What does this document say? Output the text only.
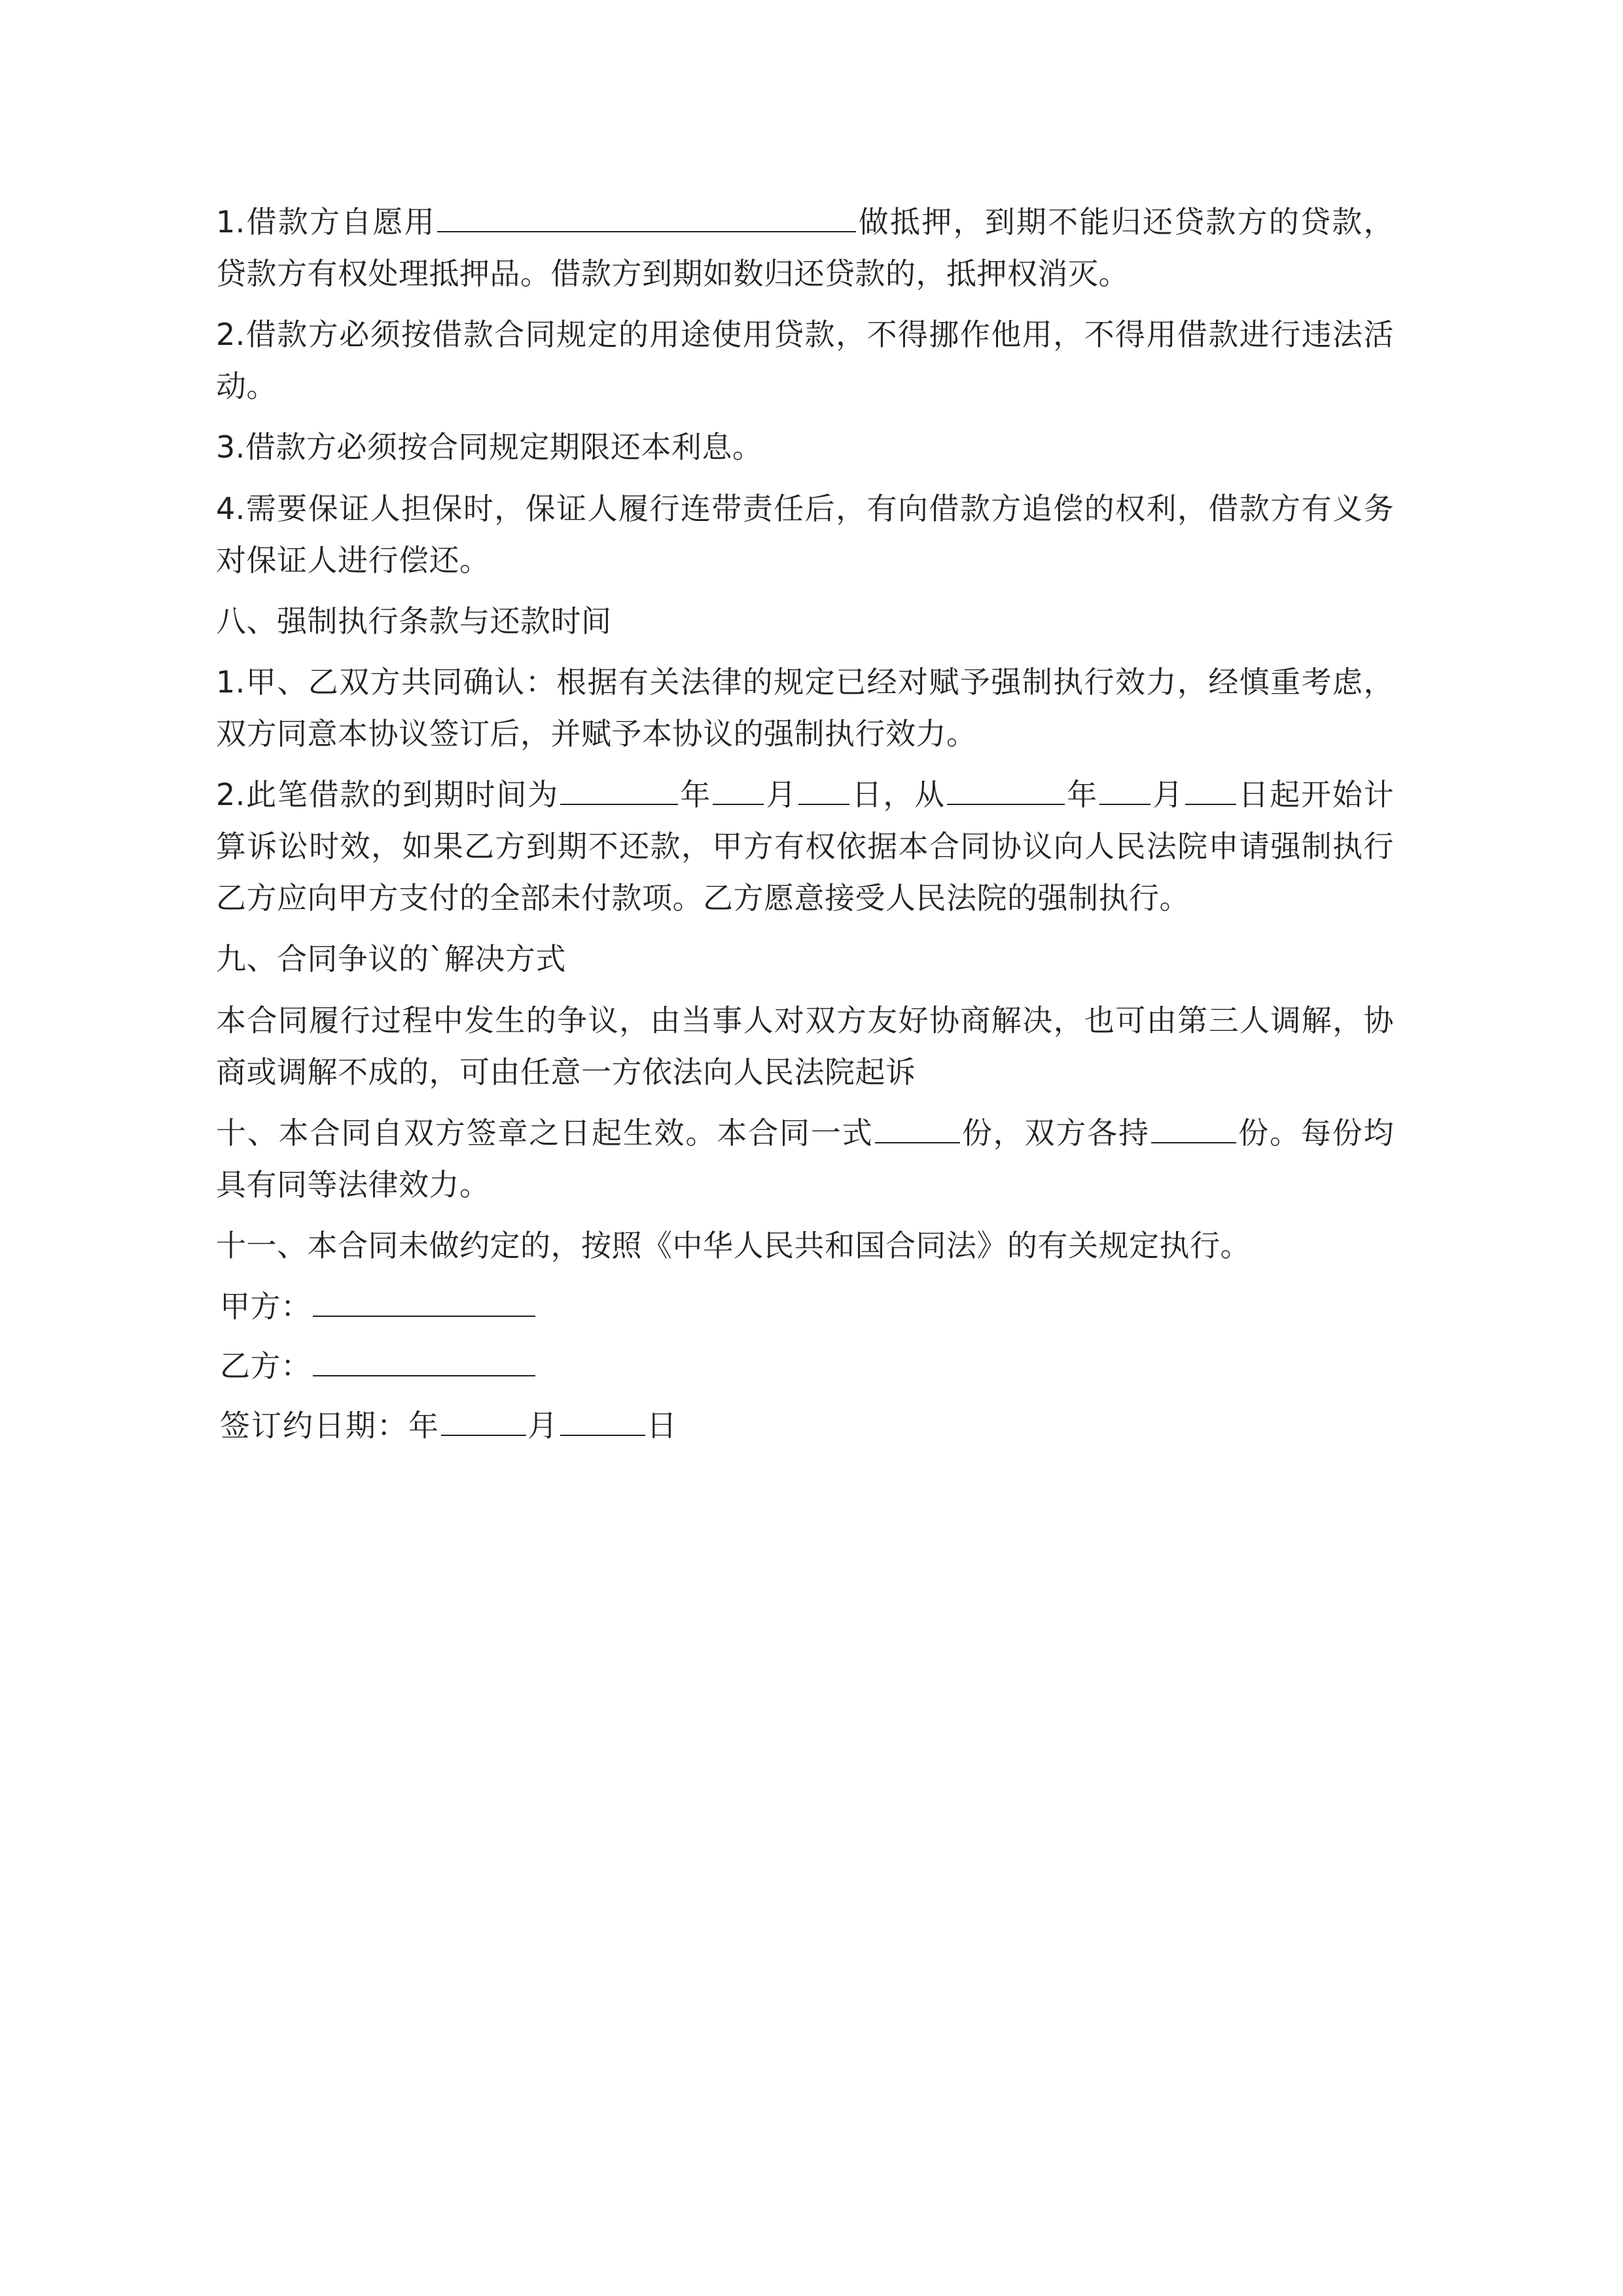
1.借款方自愿用	做抵押，到期不能归还贷款方的贷款，贷款方有权处理抵押品。借款方到期如数归还贷款的，抵押权消灭。

2.借款方必须按借款合同规定的用途使用贷款，不得挪作他用，不得用借款进行违法活动。

3.借款方必须按合同规定期限还本利息。

4.需要保证人担保时，保证人履行连带责任后，有向借款方追偿的权利，借款方有义务对保证人进行偿还。

八、强制执行条款与还款时间

1.甲、乙双方共同确认：根据有关法律的规定已经对赋予强制执行效力，经慎重考虑，双方同意本协议签订后，并赋予本协议的强制执行效力。

2.此笔借款的到期时间为	年 月 日，从	年 月 日起开始计算诉讼时效，如果乙方到期不还款，甲方有权依据本合同协议向人民法院申请强制执行乙方应向甲方支付的全部未付款项。乙方愿意接受人民法院的强制执行。

九、合同争议的`解决方式

本合同履行过程中发生的争议，由当事人对双方友好协商解决，也可由第三人调解，协商或调解不成的，可由任意一方依法向人民法院起诉

十、本合同自双方签章之日起生效。本合同一式	份，双方各持	份。每份均具有同等法律效力。

十一、本合同未做约定的，按照《中华人民共和国合同法》的有关规定执行。

甲方：

乙方：

签订约日期：年	月	日
